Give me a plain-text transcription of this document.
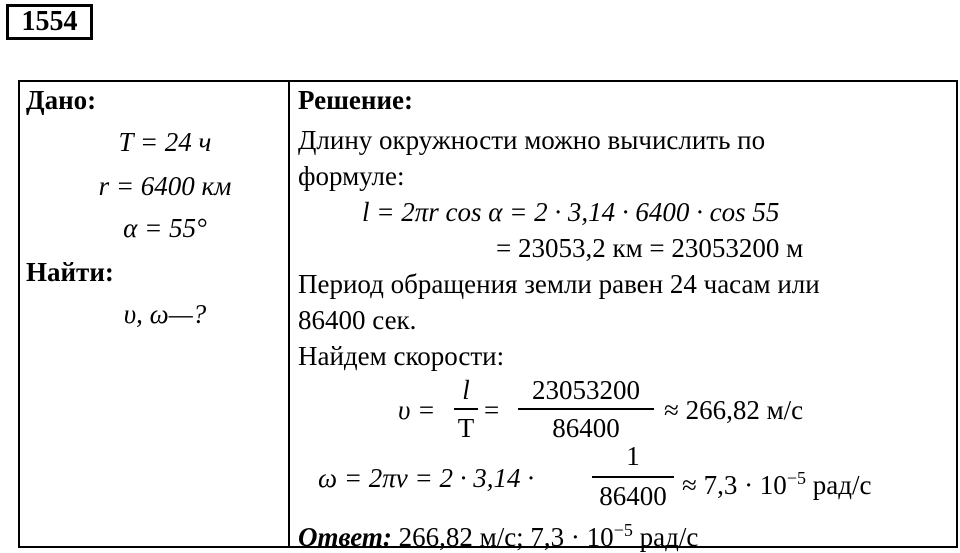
1554
Дано:
T = 24 ч
r = 6400 км
α = 55°
Найти:
υ, ω—?
Решение:
Длину окружности можно вычислить по
формуле:
l = 2πr cos α = 2 · 3,14 · 6400 · cos 55
= 23053,2 км = 23053200 м
Период обращения земли равен 24 часам или
86400 сек.
Найдем скорости:
υ =
l
T
=
23053200
86400
≈ 266,82 м/с
ω = 2πν = 2 · 3,14 ·
1
$86400 \approx 7,3 \cdot 10^{-5}$ рад/с
Ответ: 266,82 м/с; $7,3 \cdot 10^{-5}$ рад/с
